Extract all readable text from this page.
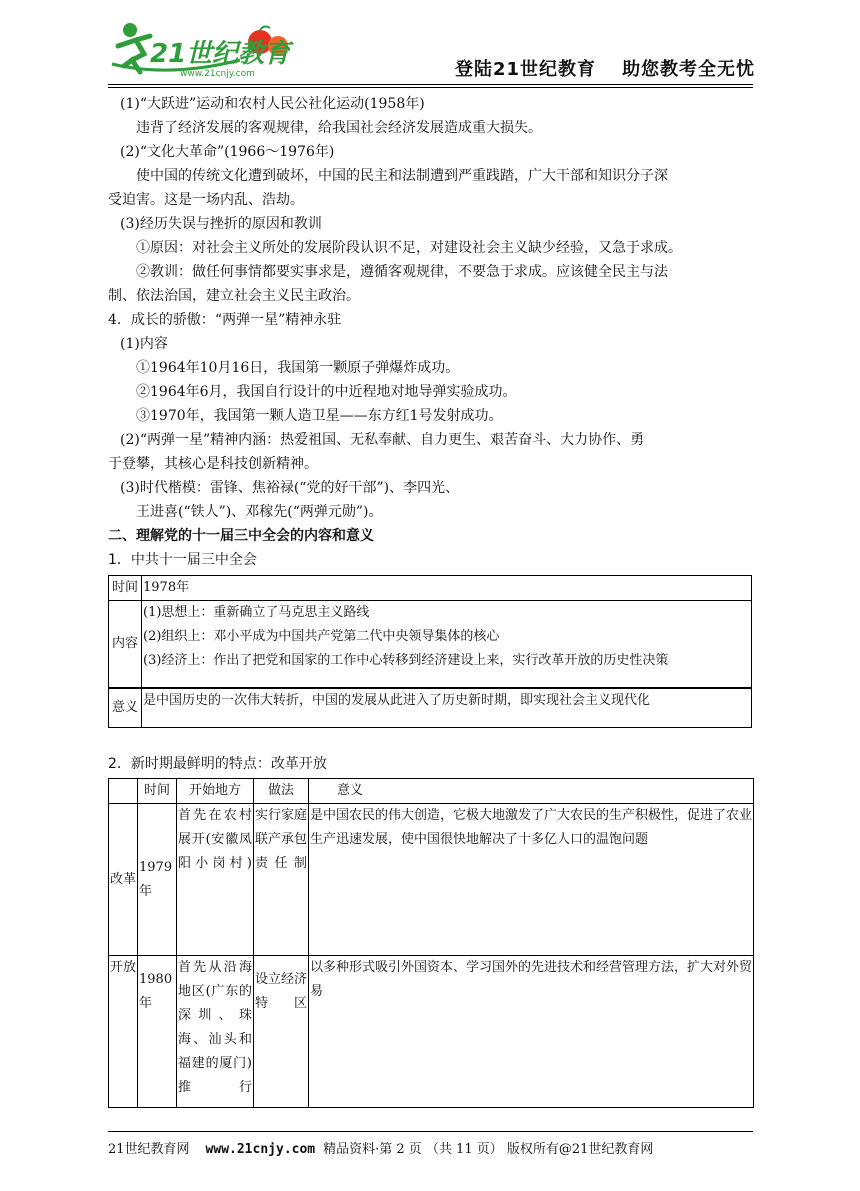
21世纪教育
www.21cnjy.com	登陆21世纪教育 助您教考全无忧

(1)“大跃进”运动和农村人民公社化运动(1958年)

违背了经济发展的客观规律，给我国社会经济发展造成重大损失。

(2)“文化大革命”(1966～1976年)

使中国的传统文化遭到破坏，中国的民主和法制遭到严重践踏，广大干部和知识分子深

受迫害。这是一场内乱、浩劫。

(3)经历失误与挫折的原因和教训

①原因：对社会主义所处的发展阶段认识不足，对建设社会主义缺少经验，又急于求成。

②教训：做任何事情都要实事求是，遵循客观规律，不要急于求成。应该健全民主与法

制、依法治国，建立社会主义民主政治。

4．成长的骄傲：“两弹一星”精神永驻

(1)内容

①1964年10月16日，我国第一颗原子弹爆炸成功。

②1964年6月，我国自行设计的中近程地对地导弹实验成功。

③1970年，我国第一颗人造卫星——东方红1号发射成功。

(2)“两弹一星”精神内涵：热爱祖国、无私奉献、自力更生、艰苦奋斗、大力协作、勇

于登攀，其核心是科技创新精神。

(3)时代楷模：雷锋、焦裕禄(“党的好干部”)、李四光、

王进喜(“铁人”)、邓稼先(“两弹元勋”)。

二、理解党的十一届三中全会的内容和意义

1．中共十一届三中全会

时间	1978年
内容	(1)思想上：重新确立了马克思主义路线
(2)组织上：邓小平成为中国共产党第二代中央领导集体的核心
(3)经济上：作出了把党和国家的工作中心转移到经济建设上来，实行改革开放的历史性决策

意义	是中国历史的一次伟大转折，中国的发展从此进入了历史新时期，即实现社会主义现代化

2．新时期最鲜明的特点：改革开放

	时间	开始地方	做法	意义
改革	1979年	首先在农村展开(安徽凤阳小岗村)	实行家庭联产承包责任制	是中国农民的伟大创造，它极大地激发了广大农民的生产积极性，促进了农业生产迅速发展，使中国很快地解决了十多亿人口的温饱问题
开放	1980年	首先从沿海地区(广东的深圳、珠海、汕头和福建的厦门)推行	设立经济特区	以多种形式吸引外国资本、学习国外的先进技术和经营管理方法，扩大对外贸易
21世纪教育网 www.21cnjy.com 精品资料·第 2 页 （共 11 页） 版权所有@21世纪教育网
